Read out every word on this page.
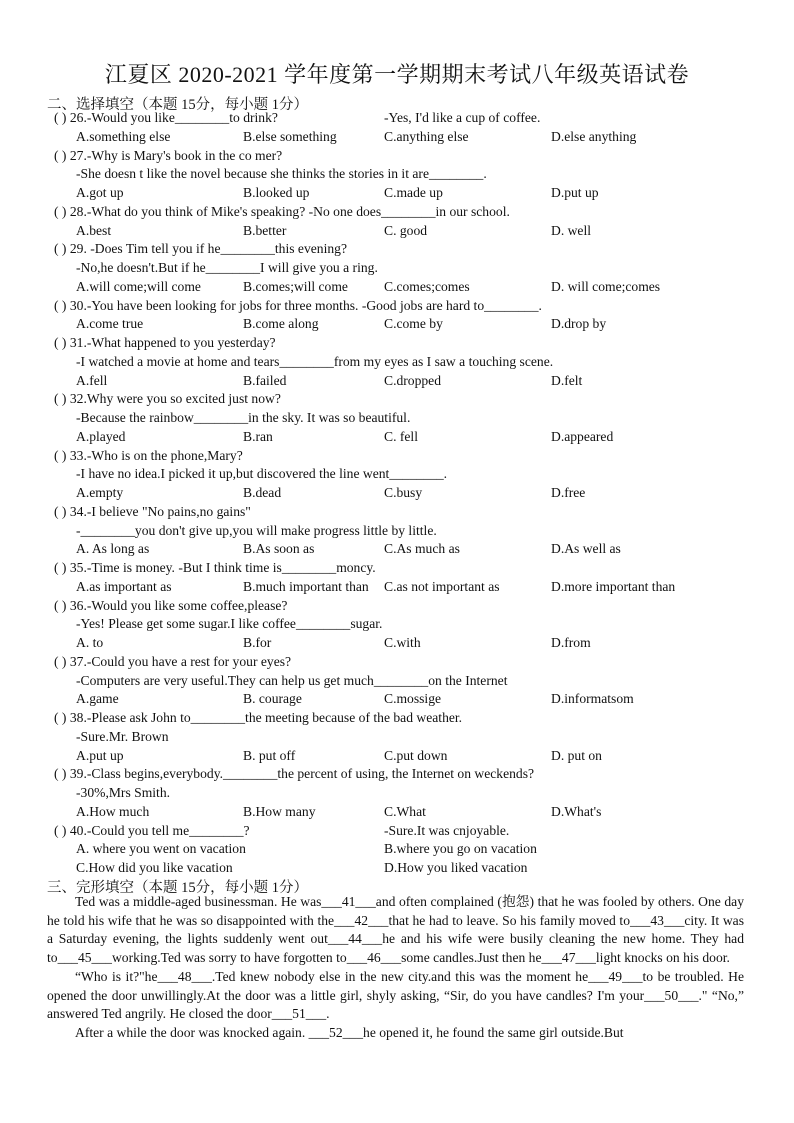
江夏区 2020-2021 学年度第一学期期末考试八年级英语试卷
二、选择填空（本题 15分，每小题 1分）
( ) 26.-Would you like________to drink?	-Yes, I'd like a cup of coffee.
A.something else	B.else something	C.anything else	D.else anything
( ) 27.-Why is Mary's book in the co mer?
-She doesn t like the novel because she thinks the stories in it are________.
A.got up	B.looked up	C.made up	D.put up
( ) 28.-What do you think of Mike's speaking? -No one does________in our school.
A.best	B.better	C. good	D. well
( ) 29. -Does Tim tell you if he________this evening?
-No,he doesn't.But if he________I will give you a ring.
A.will come;will come	B.comes;will come	C.comes;comes	D. will come;comes
( ) 30.-You have been looking for jobs for three months. -Good jobs are hard to________.
A.come true	B.come along	C.come by	D.drop by
( ) 31.-What happened to you yesterday?
-I watched a movie at home and tears________from my eyes as I saw a touching scene.
A.fell	B.failed	C.dropped	D.felt
( ) 32.Why were you so excited just now?
-Because the rainbow________in the sky. It was so beautiful.
A.played	B.ran	C. fell	D.appeared
( ) 33.-Who is on the phone,Mary?
-I have no idea.I picked it up,but discovered the line went________.
A.empty	B.dead	C.busy	D.free
( ) 34.-I believe "No pains,no gains"
-________you don't give up,you will make progress little by little.
A. As long as	B.As soon as	C.As much as	D.As well as
( ) 35.-Time is money. -But I think time is________moncy.
A.as important as	B.much important than C.as not important as	D.more important than
( ) 36.-Would you like some coffee,please?
-Yes! Please get some sugar.I like coffee________sugar.
A. to	B.for	C.with	D.from
( ) 37.-Could you have a rest for your eyes?
-Computers are very useful.They can help us get much________on the Internet
A.game	B. courage	C.mossige	D.informatsom
( ) 38.-Please ask John to________the meeting because of the bad weather.
-Sure.Mr. Brown
A.put up	B. put off	C.put down	D. put on
( ) 39.-Class begins,everybody.________the percent of using, the Internet on weckends?
-30%,Mrs Smith.
A.How much	B.How many	C.What	D.What's
( ) 40.-Could you tell me________?	-Sure.It was cnjoyable.
A. where you went on vacation	B.where you go on vacation
C.How did you like vacation	D.How you liked vacation
三、完形填空（本题 15分，每小题 1分）

Ted was a middle-aged businessman. He was___41___and often complained (抱怨) that he was fooled by others. One day he told his wife that he was so disappointed with the___42___that he had to leave. So his family moved to___43___city. It was a Saturday evening, the lights suddenly went out___44___he and his wife were busily cleaning the new home. They had to___45___working.Ted was sorry to have forgotten to___46___some candles.Just then he___47___light knocks on his door.

“Who is it?"he___48___.Ted knew nobody else in the new city.and this was the moment he___49___to be troubled. He opened the door unwillingly.At the door was a little girl, shyly asking, “Sir, do you have candles? I'm your___50___." “No,” answered Ted angrily. He closed the door___51___.

After a while the door was knocked again. ___52___he opened it, he found the same girl outside.But
